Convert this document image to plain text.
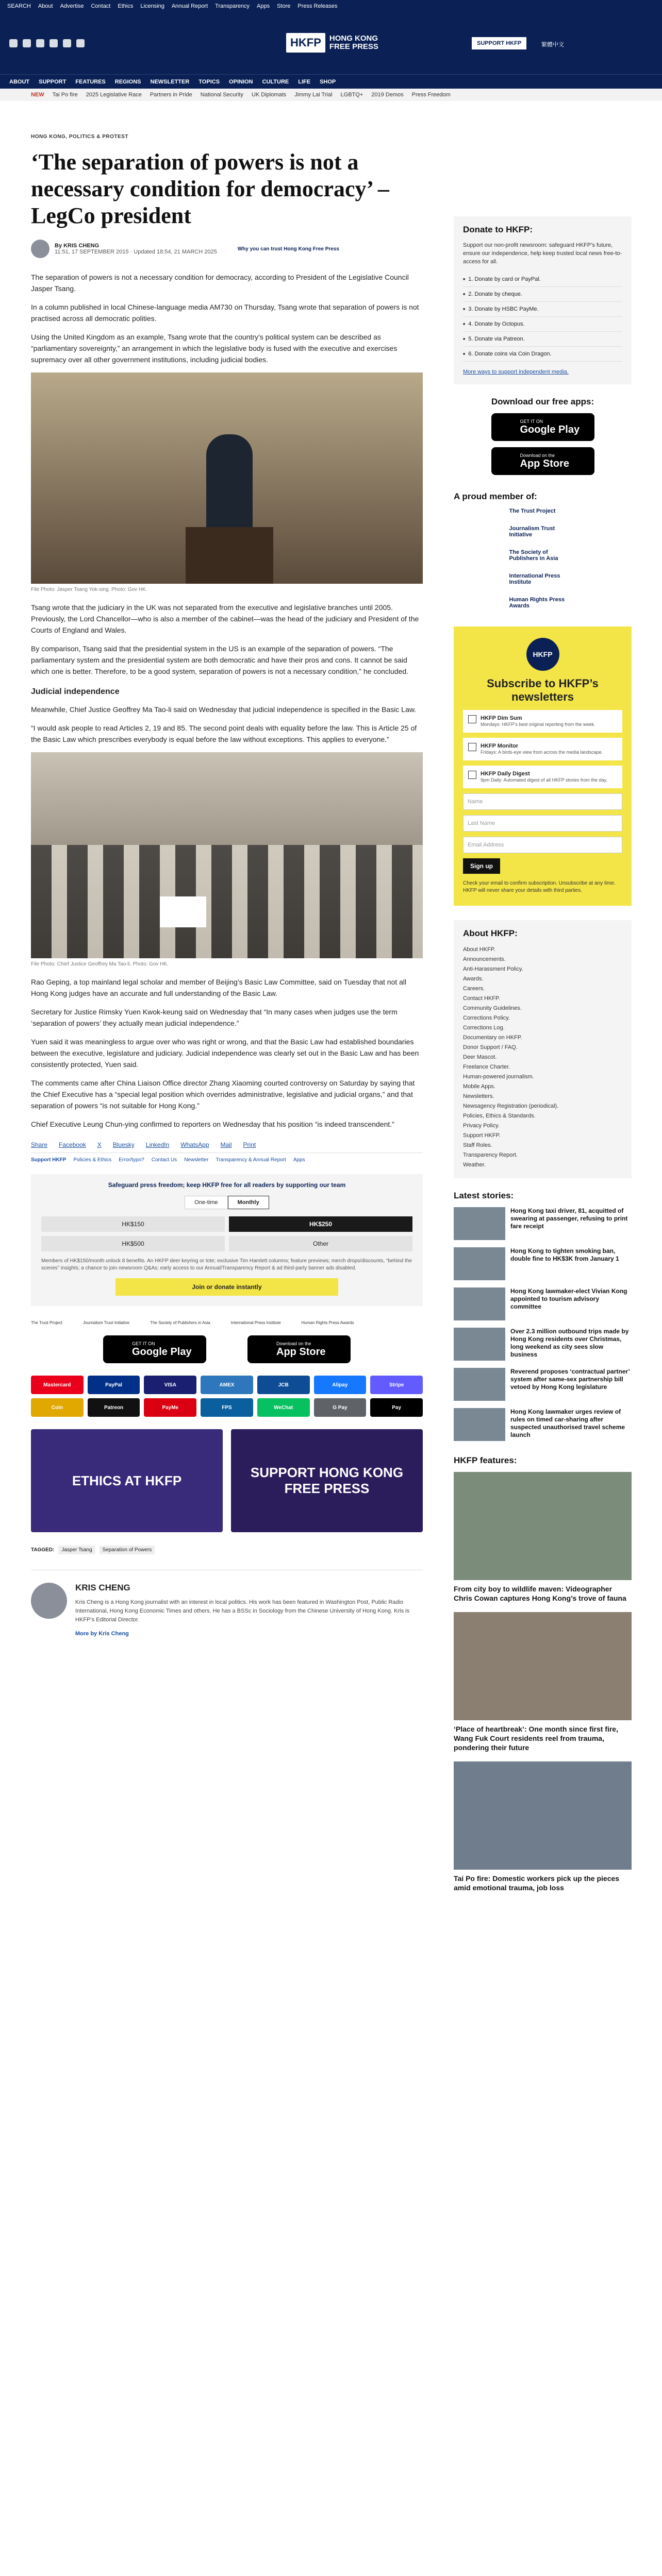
SEARCH About Advertise Contact Ethics Licensing Annual Report Transparency Apps Store Press Releases
HKFP	HONG KONG FREE PRESS	SUPPORT HKFP	繁體中文
ABOUT SUPPORT FEATURES REGIONS NEWSLETTER TOPICS OPINION CULTURE LIFE SHOP
NEW Tai Po fire 2025 Legislative Race Partners in Pride National Security UK Diplomats Jimmy Lai Trial LGBTQ+ 2019 Demos Press Freedom
HONG KONG, POLITICS & PROTEST
‘The separation of powers is not a necessary condition for democracy’ – LegCo president
By KRIS CHENG
11:51, 17 SEPTEMBER 2015 · Updated 18:54, 21 MARCH 2025	Why you can trust Hong Kong Free Press

The separation of powers is not a necessary condition for democracy, according to President of the Legislative Council Jasper Tsang.

In a column published in local Chinese-language media AM730 on Thursday, Tsang wrote that separation of powers is not practised across all democratic polities.

Using the United Kingdom as an example, Tsang wrote that the country’s political system can be described as “parliamentary sovereignty,” an arrangement in which the legislative body is fused with the executive and exercises supremacy over all other government institutions, including judicial bodies.

File Photo: Jasper Tsang Yok-sing. Photo: Gov HK.

Tsang wrote that the judiciary in the UK was not separated from the executive and legislative branches until 2005. Previously, the Lord Chancellor—who is also a member of the cabinet—was the head of the judiciary and President of the Courts of England and Wales.

By comparison, Tsang said that the presidential system in the US is an example of the separation of powers. “The parliamentary system and the presidential system are both democratic and have their pros and cons. It cannot be said which one is better. Therefore, to be a good system, separation of powers is not a necessary condition,” he concluded.

Judicial independence

Meanwhile, Chief Justice Geoffrey Ma Tao-li said on Wednesday that judicial independence is specified in the Basic Law.

“I would ask people to read Articles 2, 19 and 85. The second point deals with equality before the law. This is Article 25 of the Basic Law which prescribes everybody is equal before the law without exceptions. This applies to everyone.”

File Photo: Chief Justice Geoffrey Ma Tao-li. Photo: Gov HK.

Rao Geping, a top mainland legal scholar and member of Beijing’s Basic Law Committee, said on Tuesday that not all Hong Kong judges have an accurate and full understanding of the Basic Law.

Secretary for Justice Rimsky Yuen Kwok-keung said on Wednesday that “In many cases when judges use the term ‘separation of powers’ they actually mean judicial independence.”

Yuen said it was meaningless to argue over who was right or wrong, and that the Basic Law had established boundaries between the executive, legislature and judiciary. Judicial independence was clearly set out in the Basic Law and has been consistently protected, Yuen said.

The comments came after China Liaison Office director Zhang Xiaoming courted controversy on Saturday by saying that the Chief Executive has a “special legal position which overrides administrative, legislative and judicial organs,” and that separation of powers “is not suitable for Hong Kong.”

Chief Executive Leung Chun-ying confirmed to reporters on Wednesday that his position “is indeed transcendent.”

Share Facebook X Bluesky LinkedIn WhatsApp Mail Print
Support HKFP Policies & Ethics Error/typo? Contact Us Newsletter Transparency & Annual Report Apps
Safeguard press freedom; keep HKFP free for all readers by supporting our team
One-time	Monthly
HK$150	HK$250
HK$500	Other
Members of HK$150/month unlock 8 benefits. An HKFP deer keyring or tote; exclusive Tim Hamlett columns; feature previews; merch drops/discounts, “behind the scenes” insights; a chance to join newsroom Q&As; early access to our Annual/Transparency Report & ad third-party banner ads disabled.
Join or donate instantly
The Trust Project	Journalism Trust Initiative	The Society of Publishers in Asia	International Press Institute	Human Rights Press Awards
GET IT ON
Google Play
Download on the
App Store
Mastercard	PayPal	VISA	AMEX	JCB	Alipay	Stripe
Coin	Patreon	PayMe	FPS	WeChat	G Pay	Pay
ETHICS AT HKFP
SUPPORT HONG KONG FREE PRESS
TAGGED:	Jasper Tsang	Separation of Powers
KRIS CHENG
Kris Cheng is a Hong Kong journalist with an interest in local politics. His work has been featured in Washington Post, Public Radio International, Hong Kong Economic Times and others. He has a BSSc in Sociology from the Chinese University of Hong Kong. Kris is HKFP’s Editorial Director.
More by Kris Cheng
Donate to HKFP:
Support our non-profit newsroom: safeguard HKFP’s future, ensure our independence, help keep trusted local news free-to-access for all.
■ 1. Donate by card or PayPal.
■ 2. Donate by cheque.
■ 3. Donate by HSBC PayMe.
■ 4. Donate by Octopus.
■ 5. Donate via Patreon.
■ 6. Donate coins via Coin Dragon.
More ways to support independent media.
Download our free apps:
GET IT ON
Google Play
Download on the
App Store
A proud member of:
The Trust Project
Journalism Trust Initiative
The Society of Publishers in Asia
International Press Institute
Human Rights Press Awards
HKFP
Subscribe to HKFP’s newsletters
HKFP Dim Sum
Mondays: HKFP’s best original reporting from the week.
HKFP Monitor
Fridays: A birds-eye view from across the media landscape.
HKFP Daily Digest
9pm Daily: Automated digest of all HKFP stories from the day.
Name
Last Name
Email Address
Sign up
Check your email to confirm subscription. Unsubscribe at any time. HKFP will never share your details with third parties.
About HKFP:
About HKFP.
Announcements.
Anti-Harassment Policy.
Awards.
Careers.
Contact HKFP.
Community Guidelines.
Corrections Policy.
Corrections Log.
Documentary on HKFP.
Donor Support / FAQ.
Deer Mascot.
Freelance Charter.
Human-powered journalism.
Mobile Apps.
Newsletters.
Newsagency Registration (periodical).
Policies, Ethics & Standards.
Privacy Policy.
Support HKFP.
Staff Roles.
Transparency Report.
Weather.
Latest stories:
Hong Kong taxi driver, 81, acquitted of swearing at passenger, refusing to print fare receipt
Hong Kong to tighten smoking ban, double fine to HK$3K from January 1
Hong Kong lawmaker-elect Vivian Kong appointed to tourism advisory committee
Over 2.3 million outbound trips made by Hong Kong residents over Christmas, long weekend as city sees slow business
Reverend proposes ‘contractual partner’ system after same-sex partnership bill vetoed by Hong Kong legislature
Hong Kong lawmaker urges review of rules on timed car-sharing after suspected unauthorised travel scheme launch
HKFP features:
From city boy to wildlife maven: Videographer Chris Cowan captures Hong Kong’s trove of fauna
‘Place of heartbreak’: One month since first fire, Wang Fuk Court residents reel from trauma, pondering their future
Tai Po fire: Domestic workers pick up the pieces amid emotional trauma, job loss
